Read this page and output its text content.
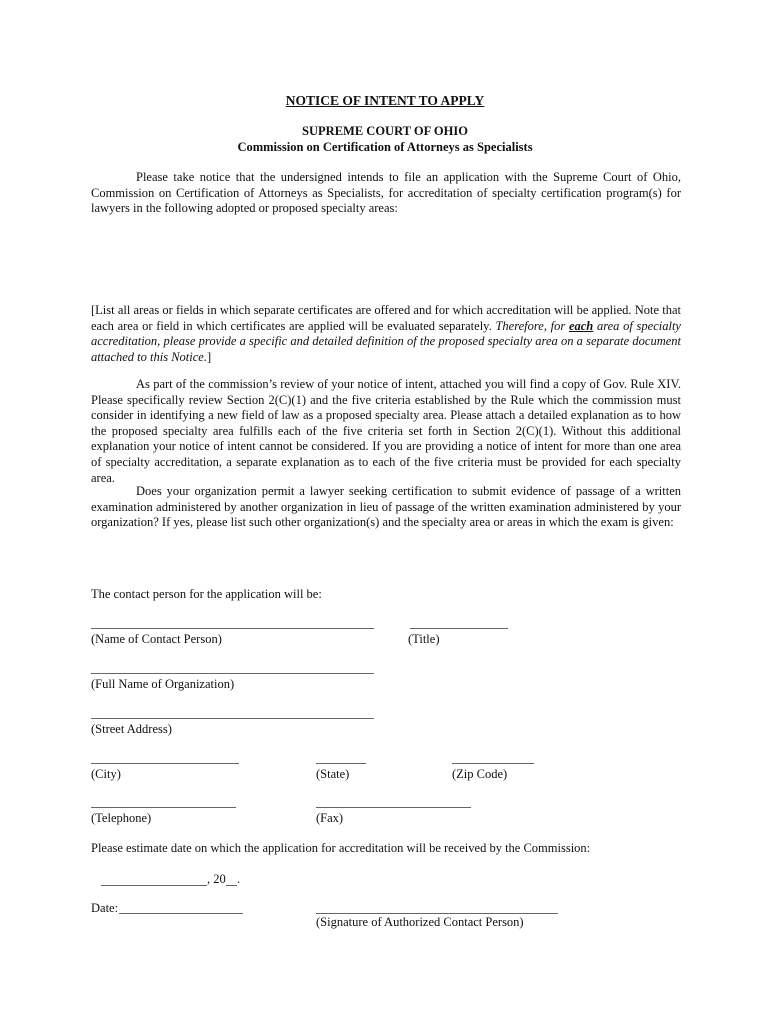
NOTICE OF INTENT TO APPLY
SUPREME COURT OF OHIO
Commission on Certification of Attorneys as Specialists

Please take notice that the undersigned intends to file an application with the Supreme Court of Ohio, Commission on Certification of Attorneys as Specialists, for accreditation of specialty certification program(s) for lawyers in the following adopted or proposed specialty areas:

[List all areas or fields in which separate certificates are offered and for which accreditation will be applied. Note that each area or field in which certificates are applied will be evaluated separately. Therefore, for each area of specialty accreditation, please provide a specific and detailed definition of the proposed specialty area on a separate document attached to this Notice.]

As part of the commission’s review of your notice of intent, attached you will find a copy of Gov. Rule XIV. Please specifically review Section 2(C)(1) and the five criteria established by the Rule which the commission must consider in identifying a new field of law as a proposed specialty area. Please attach a detailed explanation as to how the proposed specialty area fulfills each of the five criteria set forth in Section 2(C)(1). Without this additional explanation your notice of intent cannot be considered. If you are providing a notice of intent for more than one area of specialty accreditation, a separate explanation as to each of the five criteria must be provided for each specialty area.

Does your organization permit a lawyer seeking certification to submit evidence of passage of a written examination administered by another organization in lieu of passage of the written examination administered by your organization? If yes, please list such other organization(s) and the specialty area or areas in which the exam is given:

The contact person for the application will be:
(Name of Contact Person)	(Title)
(Full Name of Organization)
(Street Address)
(City)	(State)	(Zip Code)
(Telephone)	(Fax)
Please estimate date on which the application for accreditation will be received by the Commission:
, 20 .
Date:
(Signature of Authorized Contact Person)
